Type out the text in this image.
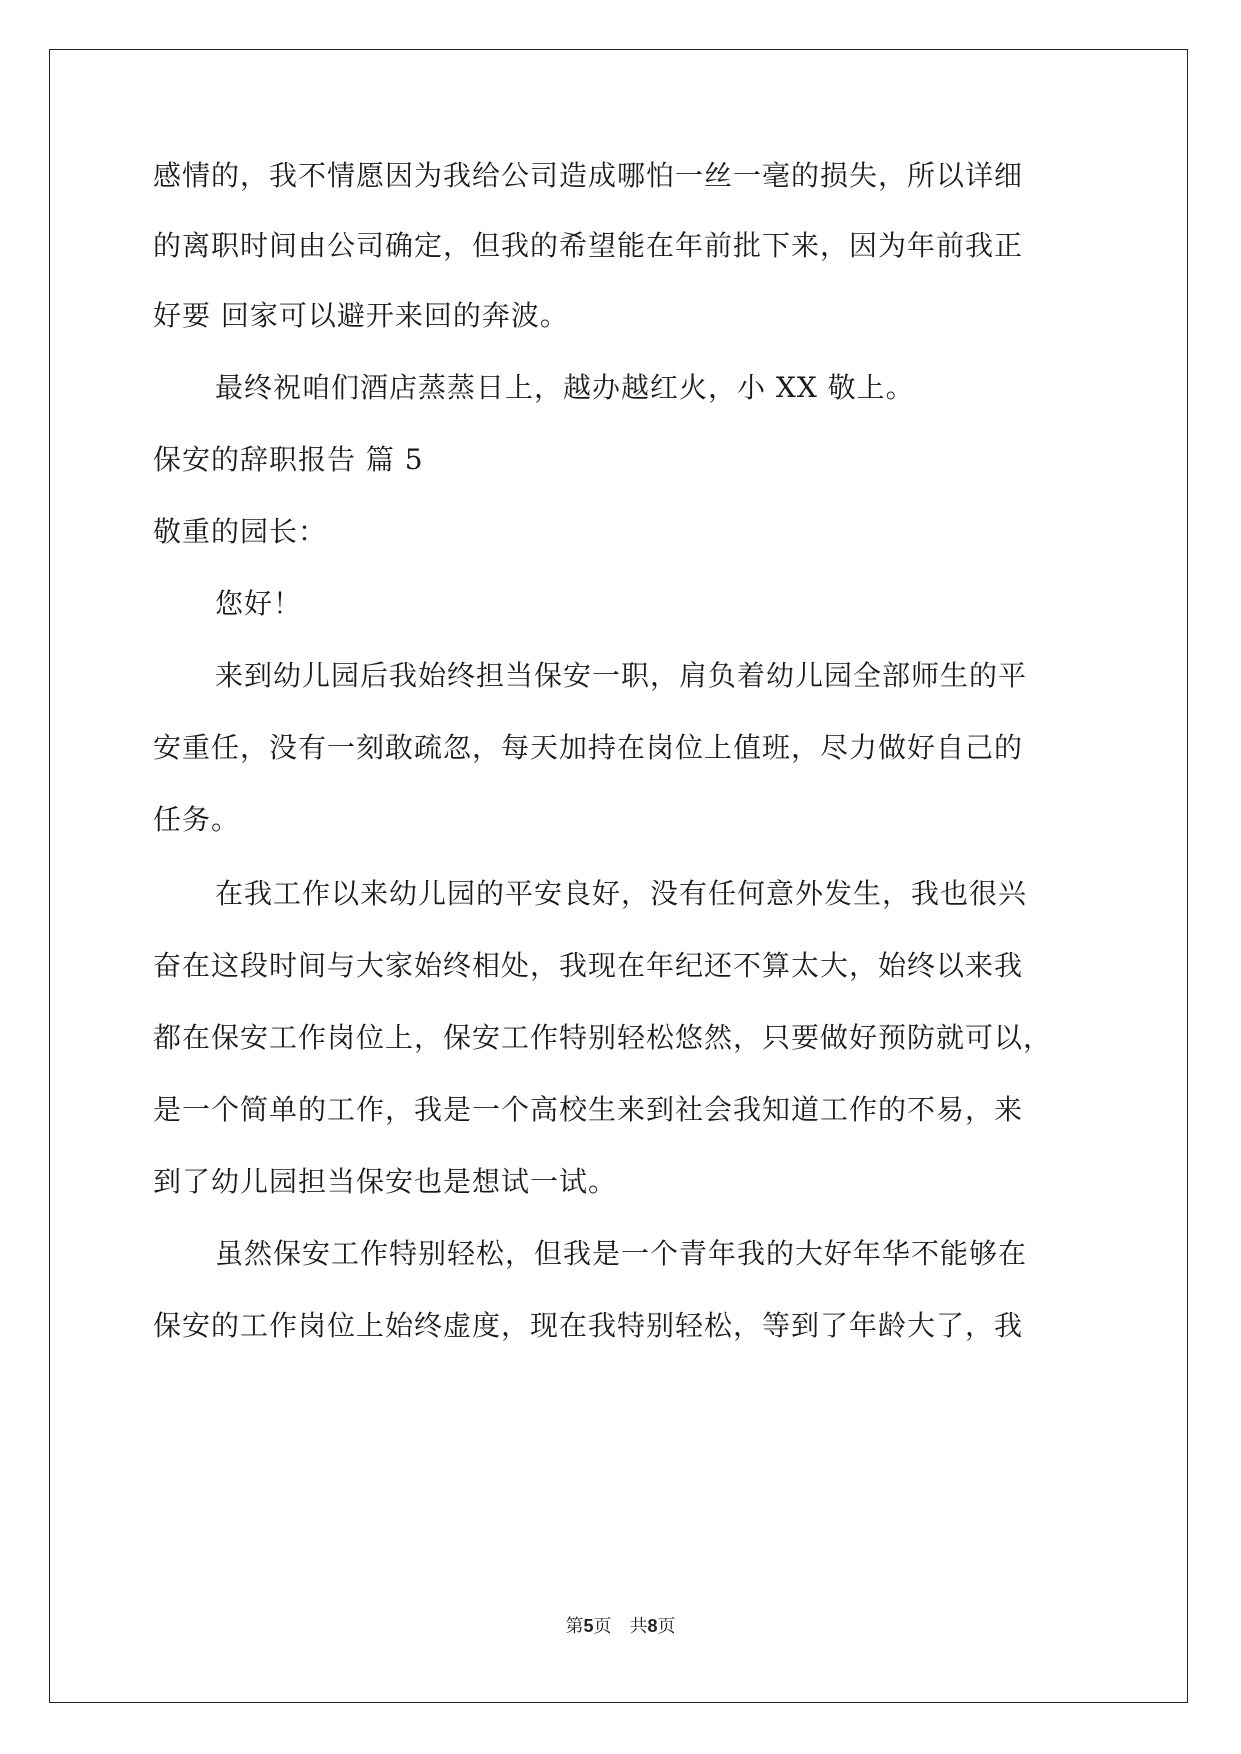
感情的，我不情愿因为我给公司造成哪怕一丝一毫的损失，所以详细
的离职时间由公司确定，但我的希望能在年前批下来，因为年前我正
好要 回家可以避开来回的奔波。
最终祝咱们酒店蒸蒸日上，越办越红火，小 XX 敬上。
保安的辞职报告 篇 5
敬重的园长：
您好！
来到幼儿园后我始终担当保安一职，肩负着幼儿园全部师生的平
安重任，没有一刻敢疏忽，每天加持在岗位上值班，尽力做好自己的
任务。
在我工作以来幼儿园的平安良好，没有任何意外发生，我也很兴
奋在这段时间与大家始终相处，我现在年纪还不算太大，始终以来我
都在保安工作岗位上，保安工作特别轻松悠然，只要做好预防就可以，
是一个简单的工作，我是一个高校生来到社会我知道工作的不易，来
到了幼儿园担当保安也是想试一试。
虽然保安工作特别轻松，但我是一个青年我的大好年华不能够在
保安的工作岗位上始终虚度，现在我特别轻松，等到了年龄大了，我
第5页 共8页
